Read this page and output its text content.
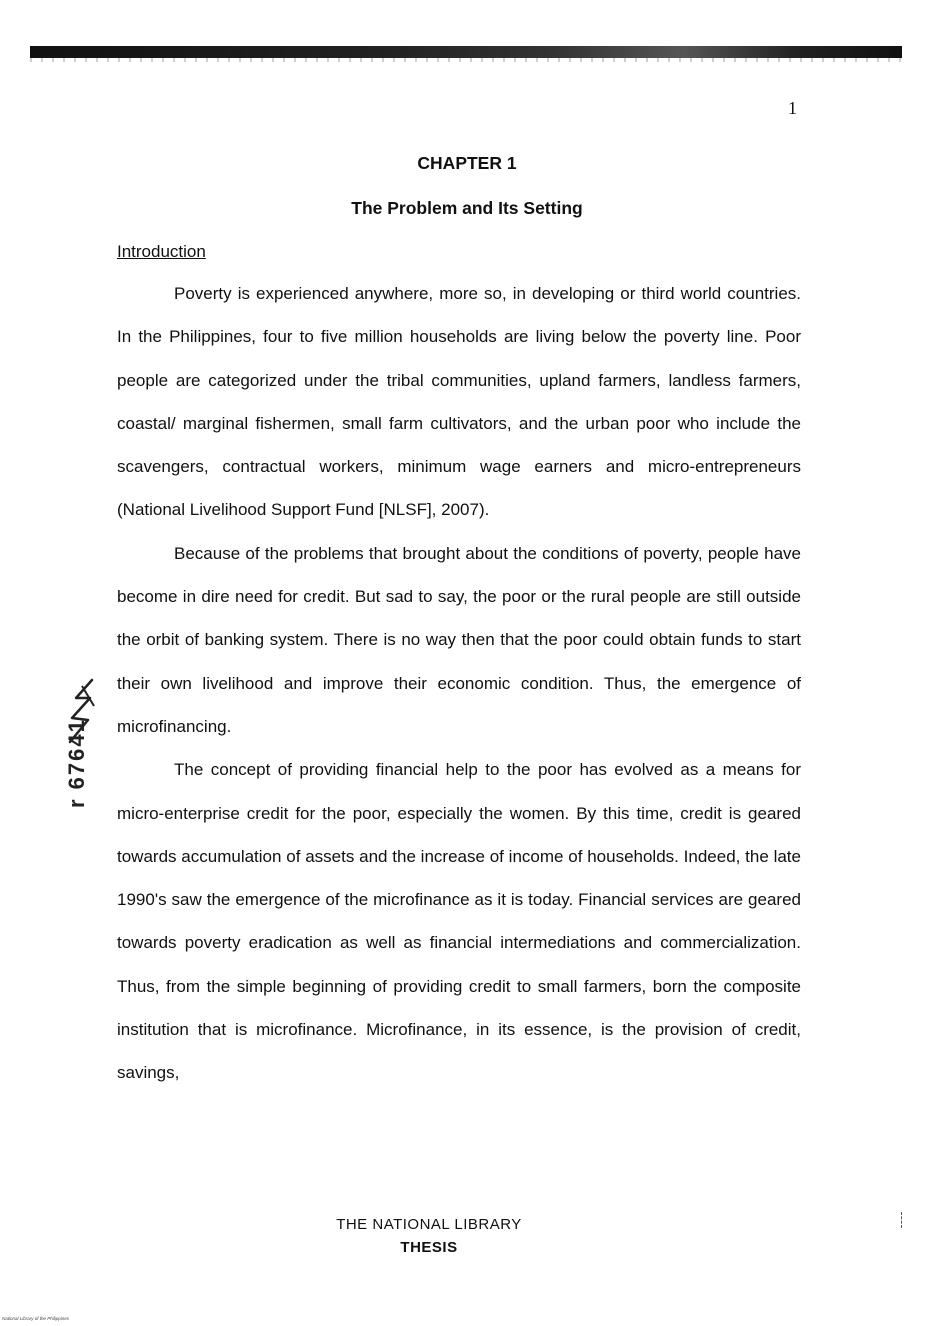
1
CHAPTER 1
The Problem and Its Setting
Introduction

Poverty is experienced anywhere, more so, in developing or third world countries. In the Philippines, four to five million households are living below the poverty line. Poor people are categorized under the tribal communities, upland farmers, landless farmers, coastal/ marginal fishermen, small farm cultivators, and the urban poor who include the scavengers, contractual workers, minimum wage earners and micro-entrepreneurs (National Livelihood Support Fund [NLSF], 2007).

Because of the problems that brought about the conditions of poverty, people have become in dire need for credit. But sad to say, the poor or the rural people are still outside the orbit of banking system. There is no way then that the poor could obtain funds to start their own livelihood and improve their economic condition. Thus, the emergence of microfinancing.

The concept of providing financial help to the poor has evolved as a means for micro-enterprise credit for the poor, especially the women. By this time, credit is geared towards accumulation of assets and the increase of income of households. Indeed, the late 1990's saw the emergence of the microfinance as it is today. Financial services are geared towards poverty eradication as well as financial intermediations and commercialization. Thus, from the simple beginning of providing credit to small farmers, born the composite institution that is microfinance. Microfinance, in its essence, is the provision of credit, savings,

r 67641
THE NATIONAL LIBRARY
THESIS
National Library of the Philippines
